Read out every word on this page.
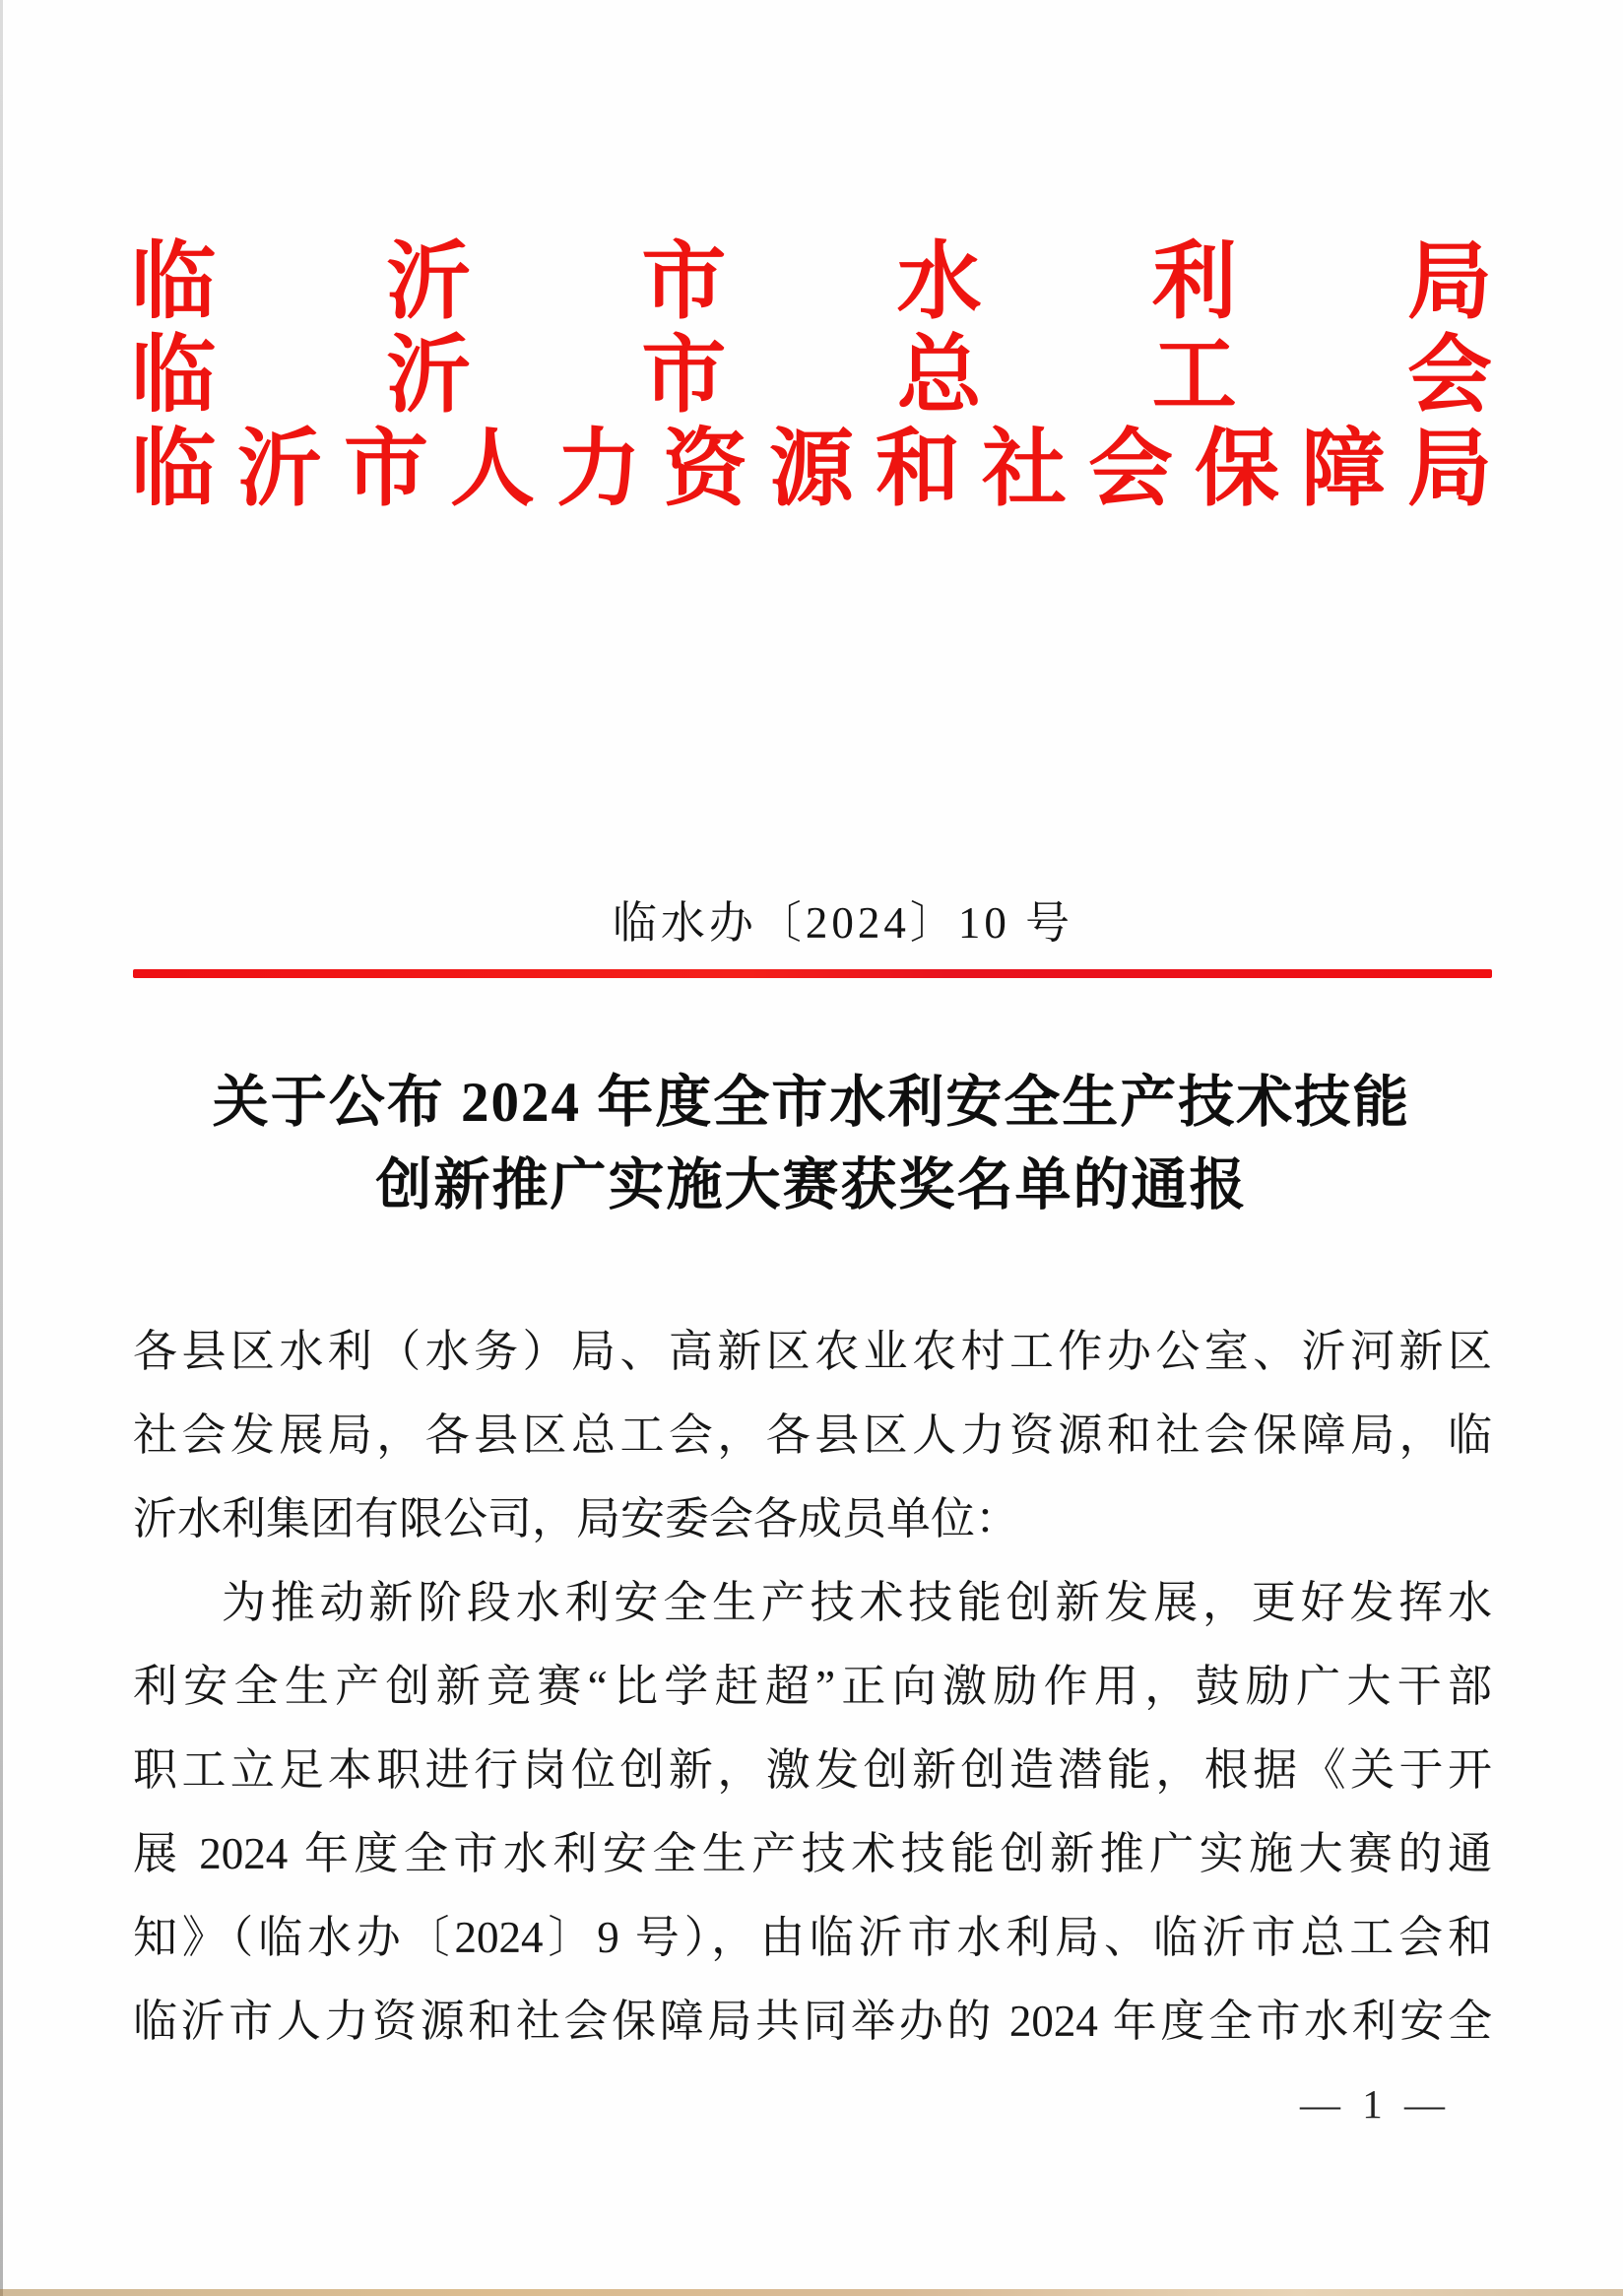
临 沂 市 水 利 局
临 沂 市 总 工 会
临 沂 市 人 力 资 源 和 社 会 保 障 局
临水办〔2024〕10 号
关于公布 2024 年度全市水利安全生产技术技能
创新推广实施大赛获奖名单的通报
各县区水利（水务）局、高新区农业农村工作办公室、沂河新区
社会发展局，各县区总工会，各县区人力资源和社会保障局，临
沂水利集团有限公司，局安委会各成员单位：
为推动新阶段水利安全生产技术技能创新发展，更好发挥水
利安全生产创新竞赛“比学赶超”正向激励作用，鼓励广大干部
职工立足本职进行岗位创新，激发创新创造潜能，根据《关于开
展 2024 年度全市水利安全生产技术技能创新推广实施大赛的通
知》（临水办〔2024〕9 号），由临沂市水利局、临沂市总工会和
临沂市人力资源和社会保障局共同举办的 2024 年度全市水利安全
— 1 —
